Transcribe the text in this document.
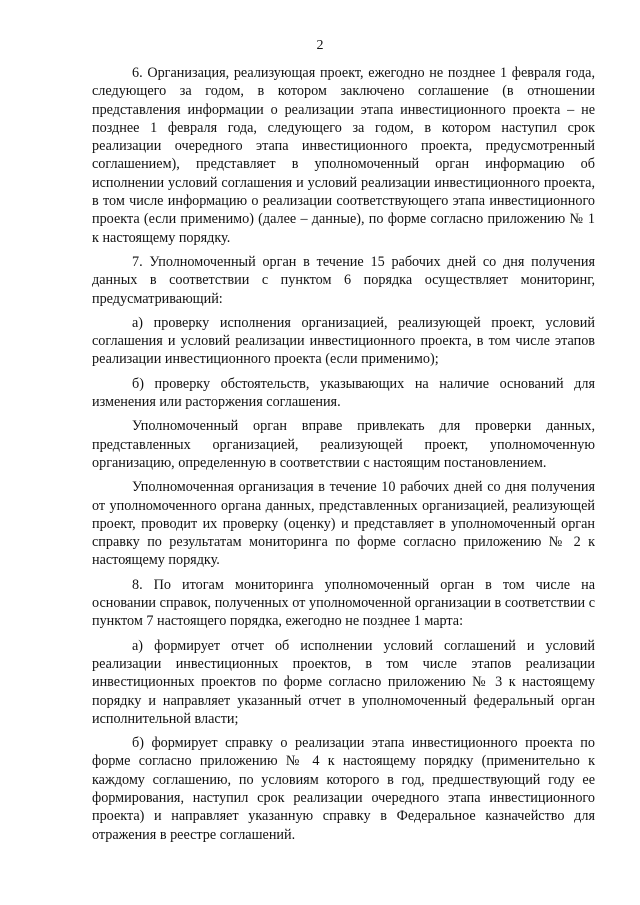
2

6. Организация, реализующая проект, ежегодно не позднее 1 февраля года, следующего за годом, в котором заключено соглашение (в отношении представления информации о реализации этапа инвестиционного проекта – не позднее 1 февраля года, следующего за годом, в котором наступил срок реализации очередного этапа инвестиционного проекта, предусмотренный соглашением), представляет в уполномоченный орган информацию об исполнении условий соглашения и условий реализации инвестиционного проекта, в том числе информацию о реализации соответствующего этапа инвестиционного проекта (если применимо) (далее – данные), по форме согласно приложению № 1 к настоящему порядку.

7. Уполномоченный орган в течение 15 рабочих дней со дня получения данных в соответствии с пунктом 6 порядка осуществляет мониторинг, предусматривающий:

а) проверку исполнения организацией, реализующей проект, условий соглашения и условий реализации инвестиционного проекта, в том числе этапов реализации инвестиционного проекта (если применимо);

б) проверку обстоятельств, указывающих на наличие оснований для изменения или расторжения соглашения.

Уполномоченный орган вправе привлекать для проверки данных, представленных организацией, реализующей проект, уполномоченную организацию, определенную в соответствии с настоящим постановлением.

Уполномоченная организация в течение 10 рабочих дней со дня получения от уполномоченного органа данных, представленных организацией, реализующей проект, проводит их проверку (оценку) и представляет в уполномоченный орган справку по результатам мониторинга по форме согласно приложению № 2 к настоящему порядку.

8. По итогам мониторинга уполномоченный орган в том числе на основании справок, полученных от уполномоченной организации в соответствии с пунктом 7 настоящего порядка, ежегодно не позднее 1 марта:

а) формирует отчет об исполнении условий соглашений и условий реализации инвестиционных проектов, в том числе этапов реализации инвестиционных проектов по форме согласно приложению № 3 к настоящему порядку и направляет указанный отчет в уполномоченный федеральный орган исполнительной власти;

б) формирует справку о реализации этапа инвестиционного проекта по форме согласно приложению № 4 к настоящему порядку (применительно к каждому соглашению, по условиям которого в год, предшествующий году ее формирования, наступил срок реализации очередного этапа инвестиционного проекта) и направляет указанную справку в Федеральное казначейство для отражения в реестре соглашений.
